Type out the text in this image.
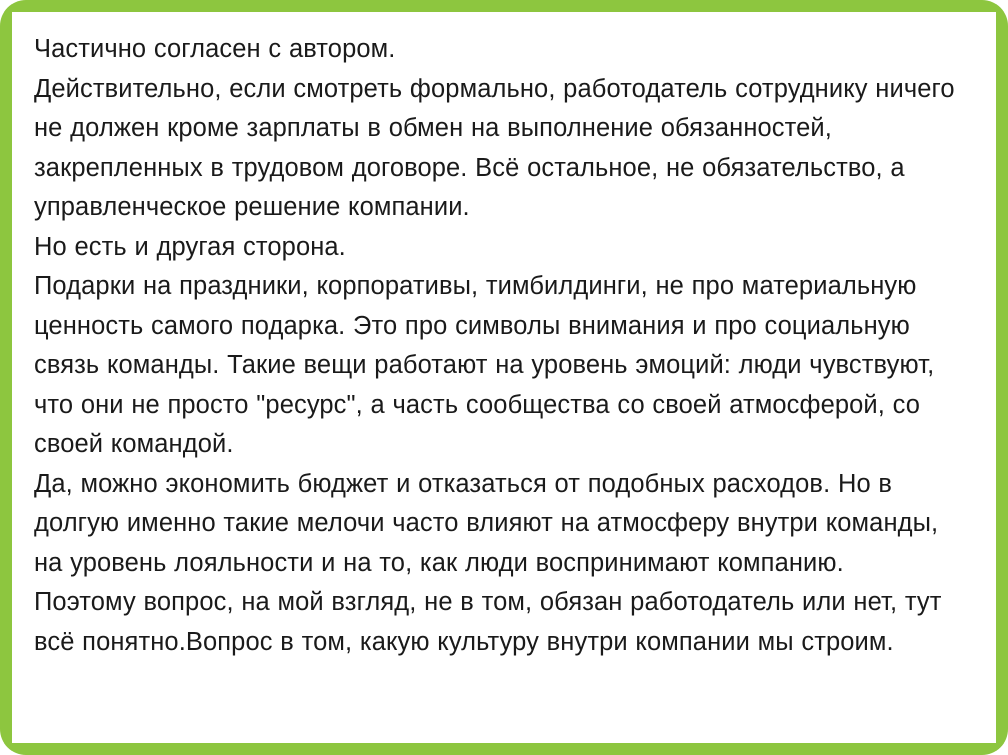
Частично согласен с автором.

Действительно, если смотреть формально, работодатель сотруднику ничего не должен кроме зарплаты в обмен на выполнение обязанностей, закрепленных в трудовом договоре. Всё остальное, не обязательство, а управленческое решение компании.

Но есть и другая сторона.

Подарки на праздники, корпоративы, тимбилдинги, не про материальную ценность самого подарка. Это про символы внимания и про социальную связь команды. Такие вещи работают на уровень эмоций: люди чувствуют, что они не просто "ресурс", а часть сообщества со своей атмосферой, со своей командой.

Да, можно экономить бюджет и отказаться от подобных расходов. Но в долгую именно такие мелочи часто влияют на атмосферу внутри команды, на уровень лояльности и на то, как люди воспринимают компанию.

Поэтому вопрос, на мой взгляд, не в том, обязан работодатель или нет, тут всё понятно.Вопрос в том, какую культуру внутри компании мы строим.
